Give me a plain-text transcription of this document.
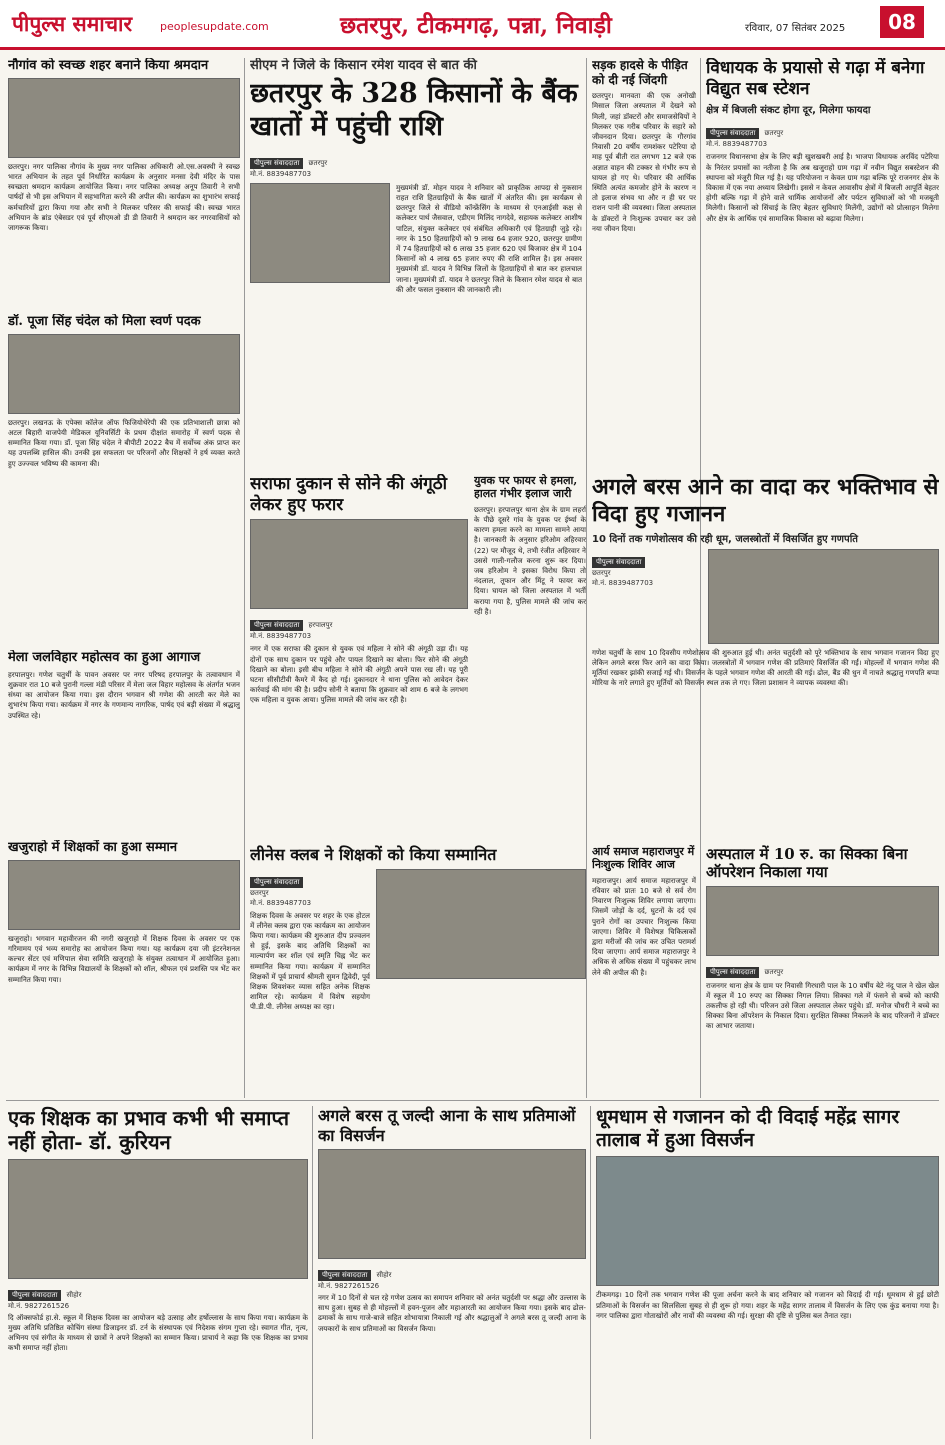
पीपुल्स समाचार	peoplesupdate.com	छतरपुर, टीकमगढ़, पन्ना, निवाड़ी	रविवार, 07 सितंबर 2025	08
नौगांव को स्वच्छ शहर बनाने किया श्रमदान
छतरपुर। नगर पालिका नौगांव के मुख्य नगर पालिका अधिकारी ओ.एस.अवस्थी ने स्वच्छ भारत अभियान के तहत पूर्व निर्धारित कार्यक्रम के अनुसार मनसा देवी मंदिर के पास स्वच्छता श्रमदान कार्यक्रम आयोजित किया। नगर पालिका अध्यक्ष अनूप तिवारी ने सभी पार्षदों से भी इस अभियान में सहभागिता करने की अपील की। कार्यक्रम का शुभारंभ सफाई कर्मचारियों द्वारा किया गया और सभी ने मिलकर परिसर की सफाई की। स्वच्छ भारत अभियान के ब्रांड एंबेसडर एवं पूर्व सीएमओ डी डी तिवारी ने श्रमदान कर नगरवासियों को जागरूक किया।
डॉ. पूजा सिंह चंदेल को मिला स्वर्ण पदक
छतरपुर। लखनऊ के एपेक्स कॉलेज ऑफ फिजियोथेरेपी की एक प्रतिभाशाली छात्रा को अटल बिहारी वाजपेयी मेडिकल यूनिवर्सिटी के प्रथम दीक्षांत समारोह में स्वर्ण पदक से सम्मानित किया गया। डॉ. पूजा सिंह चंदेल ने बीपीटी 2022 बैच में सर्वोच्च अंक प्राप्त कर यह उपलब्धि हासिल की। उनकी इस सफलता पर परिजनों और शिक्षकों ने हर्ष व्यक्त करते हुए उज्ज्वल भविष्य की कामना की।
मेला जलविहार महोत्सव का हुआ आगाज
हरपालपुर। गणेश चतुर्थी के पावन अवसर पर नगर परिषद हरपालपुर के तत्वावधान में शुक्रवार रात 10 बजे पुरानी गल्ला मंडी परिसर में मेला जल विहार महोत्सव के अंतर्गत भजन संध्या का आयोजन किया गया। इस दौरान भगवान श्री गणेश की आरती कर मेले का शुभारंभ किया गया। कार्यक्रम में नगर के गणमान्य नागरिक, पार्षद एवं बड़ी संख्या में श्रद्धालु उपस्थित रहे।
खजुराहो में शिक्षकों का हुआ सम्मान
खजुराहो। भगवान महावीरजन की नगरी खजुराहो में शिक्षक दिवस के अवसर पर एक गरिमामय एवं भव्य समारोह का आयोजन किया गया। यह कार्यक्रम दया जी इंटरनेशनल कल्चर सेंटर एवं मणिपाल सेवा समिति खजुराहो के संयुक्त तत्वाधान में आयोजित हुआ। कार्यक्रम में नगर के विभिन्न विद्यालयों के शिक्षकों को शॉल, श्रीफल एवं प्रशस्ति पत्र भेंट कर सम्मानित किया गया।
सीएम ने जिले के किसान रमेश यादव से बात की
छतरपुर के 328 किसानों के बैंक खातों में पहुंची राशि
पीपुल्स संवाददाता छतरपुर
मो.नं. 8839487703
मुख्यमंत्री डॉ. मोहन यादव ने शनिवार को प्राकृतिक आपदा से नुकसान राहत राशि हितग्राहियों के बैंक खातों में अंतरित की। इस कार्यक्रम से छतरपुर जिले से वीडियो कॉन्फ्रेंसिंग के माध्यम से एनआईसी कक्ष से कलेक्टर पार्थ जैसवाल, एडीएम मिलिंद नागदेवे, सहायक कलेक्टर आशीष पाटिल, संयुक्त कलेक्टर एवं संबंधित अधिकारी एवं हितग्राही जुड़े रहे। नगर के 150 हितग्राहियों को 9 लाख 64 हजार 920, छतरपुर ग्रामीण में 74 हितग्राहियों को 6 लाख 35 हजार 620 एवं बिजावर क्षेत्र में 104 किसानों को 4 लाख 65 हजार रुपए की राशि शामिल है। इस अवसर मुख्यमंत्री डॉ. यादव ने विभिन्न जिलों के हितग्राहियों से बात कर हालचाल जाना। मुख्यमंत्री डॉ. यादव ने छतरपुर जिले के किसान रमेश यादव से बात की और फसल नुकसान की जानकारी ली।
सड़क हादसे के पीड़ित को दी नई जिंदगी
छतरपुर। मानवता की एक अनोखी मिसाल जिला अस्पताल में देखने को मिली, जहां डॉक्टरों और समाजसेवियों ने मिलकर एक गरीब परिवार के सहारे को जीवनदान दिया। छतरपुर के गौरगांव निवासी 20 वर्षीय रामशंकर पटेरिया दो माह पूर्व बीती रात लगभग 12 बजे एक अज्ञात वाहन की टक्कर से गंभीर रूप से घायल हो गए थे। परिवार की आर्थिक स्थिति अत्यंत कमजोर होने के कारण न तो इलाज संभव था और न ही घर पर राशन पानी की व्यवस्था। जिला अस्पताल के डॉक्टरों ने निःशुल्क उपचार कर उसे नया जीवन दिया।
विधायक के प्रयासो से गढ़ा में बनेगा विद्युत सब स्टेशन
क्षेत्र में बिजली संकट होगा दूर, मिलेगा फायदा
पीपुल्स संवाददाता छतरपुर
मो.नं. 8839487703
राजनगर विधानसभा क्षेत्र के लिए बड़ी खुशखबरी आई है। भाजपा विधायक अरविंद पटेरिया के निरंतर प्रयासों का नतीजा है कि अब खजुराहो ग्राम गढ़ा में नवीन विद्युत सबस्टेशन की स्थापना को मंजूरी मिल गई है। यह परियोजना न केवल ग्राम गढ़ा बल्कि पूरे राजनगर क्षेत्र के विकास में एक नया अध्याय लिखेगी। इससे न केवल आवासीय क्षेत्रों में बिजली आपूर्ति बेहतर होगी बल्कि गढ़ा में होने वाले धार्मिक आयोजनों और पर्यटन सुविधाओं को भी मजबूती मिलेगी। किसानों को सिंचाई के लिए बेहतर सुविधाएं मिलेंगी, उद्योगों को प्रोत्साहन मिलेगा और क्षेत्र के आर्थिक एवं सामाजिक विकास को बढ़ावा मिलेगा।
सराफा दुकान से सोने की अंगूठी लेकर हुए फरार
पीपुल्स संवाददाता हरपालपुर
मो.नं. 8839487703
नगर में एक सराफा की दुकान से युवक एवं महिला ने सोने की अंगूठी उड़ा दी। यह दोनों एक साथ दुकान पर पहुंचे और पायल दिखाने का बोला। फिर सोने की अंगूठी दिखाने का बोला। इसी बीच महिला ने सोने की अंगूठी अपने पास रख ली। यह पूरी घटना सीसीटीवी कैमरे में कैद हो गई। दुकानदार ने थाना पुलिस को आवेदन देकर कार्रवाई की मांग की है। प्रदीप सोनी ने बताया कि शुक्रवार को शाम 6 बजे के लगभग एक महिला व युवक आया। पुलिस मामले की जांच कर रही है।
युवक पर फायर से हमला, हालत गंभीर इलाज जारी
छतरपुर। हरपालपुर थाना क्षेत्र के ग्राम लहर्रा के पीछे दूसरे गांव के युवक पर ईर्ष्या के कारण हमला करने का मामला सामने आया है। जानकारी के अनुसार हरिओम अहिरवार (22) पर मौजूद थे, तभी रंजीत अहिरवार ने उससे गाली-गलौज करना शुरू कर दिया। जब हरिओम ने इसका विरोध किया तो नंदलाल, तूफान और मिंटू ने फायर कर दिया। घायल को जिला अस्पताल में भर्ती कराया गया है, पुलिस मामले की जांच कर रही है।
अगले बरस आने का वादा कर भक्तिभाव से विदा हुए गजानन
10 दिनों तक गणेशोत्सव की रही धूम, जलस्त्रोतों में विसर्जित हुए गणपति
पीपुल्स संवाददाता
छतरपुर
मो.नं. 8839487703
गणेश चतुर्थी के साथ 10 दिवसीय गणेशोत्सव की शुरुआत हुई थी। अनंत चतुर्दशी को पूरे भक्तिभाव के साथ भगवान गजानन विदा हुए लेकिन अगले बरस फिर आने का वादा किया। जलस्त्रोतों में भगवान गणेश की प्रतिमाएं विसर्जित की गईं। मोहल्लों में भगवान गणेश की मूर्तियां रखकर झांकी सजाई गई थी। विसर्जन के पहले भगवान गणेश की आरती की गई। ढोल, बैंड की धुन में नाचते श्रद्धालु गणपति बप्पा मोरिया के नारे लगाते हुए मूर्तियों को विसर्जन स्थल तक ले गए। जिला प्रशासन ने व्यापक व्यवस्था की।
लीनेस क्लब ने शिक्षकों को किया सम्मानित
पीपुल्स संवाददाता
छतरपुर
मो.नं. 8839487703
शिक्षक दिवस के अवसर पर शहर के एक होटल में लीनेस क्लब द्वारा एक कार्यक्रम का आयोजन किया गया। कार्यक्रम की शुरुआत दीप प्रज्वलन से हुई, इसके बाद अतिथि शिक्षकों का माल्यार्पण कर शॉल एवं स्मृति चिह्न भेंट कर सम्मानित किया गया। कार्यक्रम में सम्मानित शिक्षकों में पूर्व प्राचार्य श्रीमती सुमन द्विवेदी, पूर्व शिक्षक शिवशंकर व्यास सहित अनेक शिक्षक शामिल रहे। कार्यक्रम में विशेष सहयोग पी.डी.पी. लीनेस अध्यक्ष का रहा।
आर्य समाज महाराजपुर में निःशुल्क शिविर आज
महाराजपुर। आर्य समाज महाराजपुर में रविवार को प्रातः 10 बजे से सर्व रोग निवारण निःशुल्क शिविर लगाया जाएगा। जिसमें जोड़ों के दर्द, घुटनों के दर्द एवं पुराने रोगों का उपचार निःशुल्क किया जाएगा। शिविर में विशेषज्ञ चिकित्सकों द्वारा मरीजों की जांच कर उचित परामर्श दिया जाएगा। आर्य समाज महाराजपुर ने अधिक से अधिक संख्या में पहुंचकर लाभ लेने की अपील की है।
अस्पताल में 10 रु. का सिक्का बिना ऑपरेशन निकाला गया
पीपुल्स संवाददाता छतरपुर
राजनगर थाना क्षेत्र के ग्राम पर निवासी गिरधारी पाल के 10 वर्षीय बेटे नंदू पाल ने खेल खेल में स्कूल में 10 रुपए का सिक्का निगल लिया। सिक्का गले में फंसने से बच्चे को काफी तकलीफ हो रही थी। परिजन उसे जिला अस्पताल लेकर पहुंचे। डॉ. मनोज चौधरी ने बच्चे का सिक्का बिना ऑपरेशन के निकाल दिया। सुरक्षित सिक्का निकलने के बाद परिजनों ने डॉक्टर का आभार जताया।
एक शिक्षक का प्रभाव कभी भी समाप्त नहीं होता- डॉ. कुरियन
पीपुल्स संवाददाता सीहोर
मो.नं. 9827261526
दि ऑक्सफोर्ड हा.से. स्कूल में शिक्षक दिवस का आयोजन बड़े उत्साह और हर्षोल्लास के साथ किया गया। कार्यक्रम के मुख्य अतिथि प्रतिष्ठित कोचिंग संस्था डिजाइनर डॉ. टर्न के संस्थापक एवं निदेशक संगम गुप्ता रहे। स्वागत गीत, नृत्य, अभिनय एवं संगीत के माध्यम से छात्रों ने अपने शिक्षकों का सम्मान किया। प्राचार्य ने कहा कि एक शिक्षक का प्रभाव कभी समाप्त नहीं होता।
अगले बरस तू जल्दी आना के साथ प्रतिमाओं का विसर्जन
पीपुल्स संवाददाता सीहोर
मो.नं. 9827261526
नगर में 10 दिनों से चल रहे गणेश उत्सव का समापन शनिवार को अनंत चतुर्दशी पर श्रद्धा और उल्लास के साथ हुआ। सुबह से ही मोहल्लों में हवन-पूजन और महाआरती का आयोजन किया गया। इसके बाद ढोल-ढमाकों के साथ गाजे-बाजे सहित शोभायात्रा निकाली गई और श्रद्धालुओं ने अगले बरस तू जल्दी आना के जयकारों के साथ प्रतिमाओं का विसर्जन किया।
धूमधाम से गजानन को दी विदाई महेंद्र सागर तालाब में हुआ विसर्जन
टीकमगढ़। 10 दिनों तक भगवान गणेश की पूजा अर्चना करने के बाद शनिवार को गजानन को विदाई दी गई। धूमधाम से हुई छोटी प्रतिमाओं के विसर्जन का सिलसिला सुबह से ही शुरू हो गया। शहर के महेंद्र सागर तालाब में विसर्जन के लिए एक कुंड बनाया गया है। नगर पालिका द्वारा गोताखोरों और नावों की व्यवस्था की गई। सुरक्षा की दृष्टि से पुलिस बल तैनात रहा।
